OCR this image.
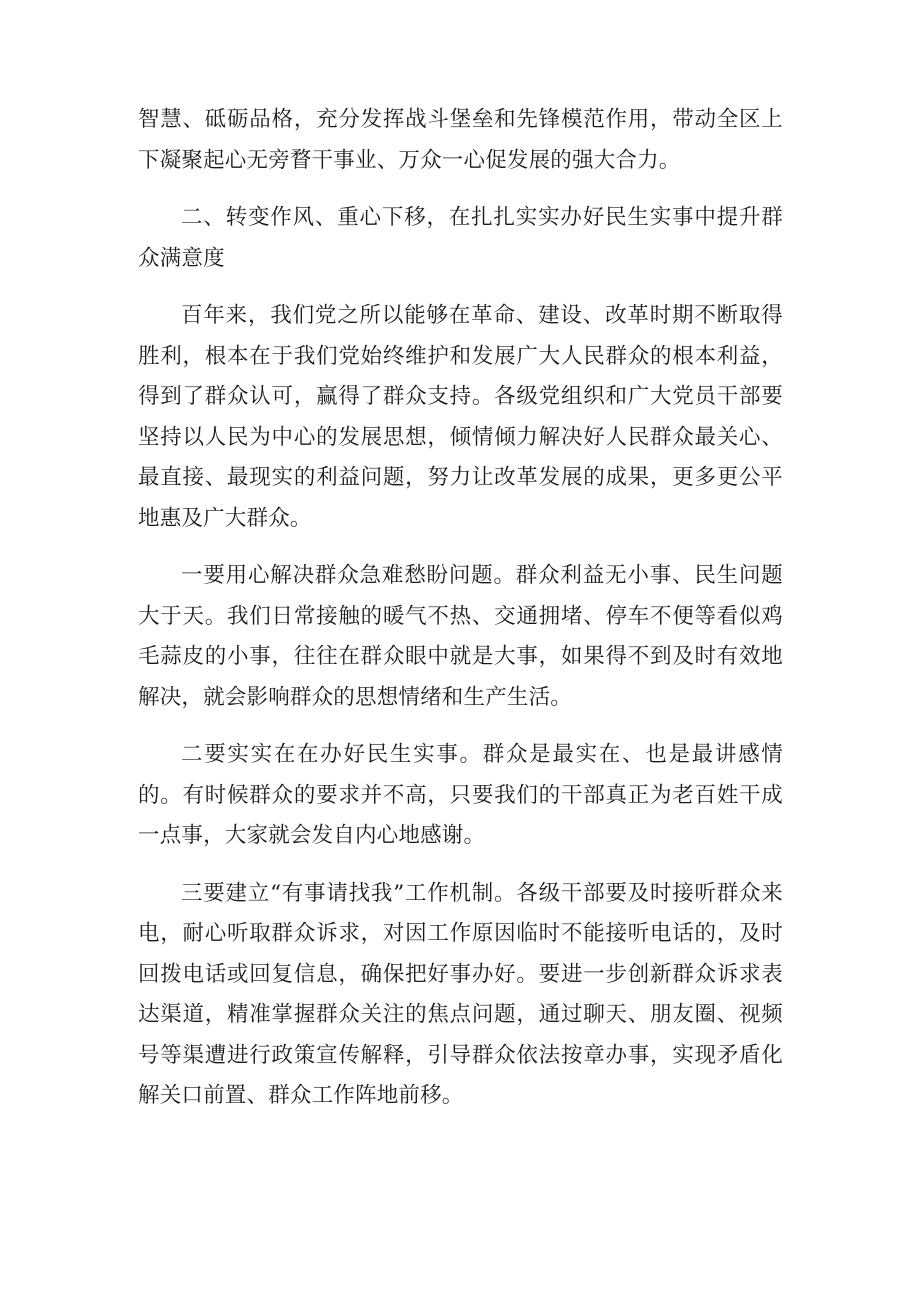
智慧、砥砺品格，充分发挥战斗堡垒和先锋模范作用，带动全区上下凝聚起心无旁瞀干事业、万众一心促发展的强大合力。

二、转变作风、重心下移，在扎扎实实办好民生实事中提升群众满意度

百年来，我们党之所以能够在革命、建设、改革时期不断取得胜利，根本在于我们党始终维护和发展广大人民群众的根本利益，得到了群众认可，赢得了群众支持。各级党组织和广大党员干部要坚持以人民为中心的发展思想，倾情倾力解决好人民群众最关心、最直接、最现实的利益问题，努力让改革发展的成果，更多更公平地惠及广大群众。

一要用心解决群众急难愁盼问题。群众利益无小事、民生问题大于天。我们日常接触的暖气不热、交通拥堵、停车不便等看似鸡毛蒜皮的小事，往往在群众眼中就是大事，如果得不到及时有效地解决，就会影响群众的思想情绪和生产生活。

二要实实在在办好民生实事。群众是最实在、也是最讲感情的。有时候群众的要求并不高，只要我们的干部真正为老百姓干成一点事，大家就会发自内心地感谢。

三要建立“有事请找我”工作机制。各级干部要及时接听群众来电，耐心听取群众诉求，对因工作原因临时不能接听电话的，及时回拨电话或回复信息，确保把好事办好。要进一步创新群众诉求表达渠道，精准掌握群众关注的焦点问题，通过聊天、朋友圈、视频号等渠遭进行政策宣传解释，引导群众依法按章办事，实现矛盾化解关口前置、群众工作阵地前移。
